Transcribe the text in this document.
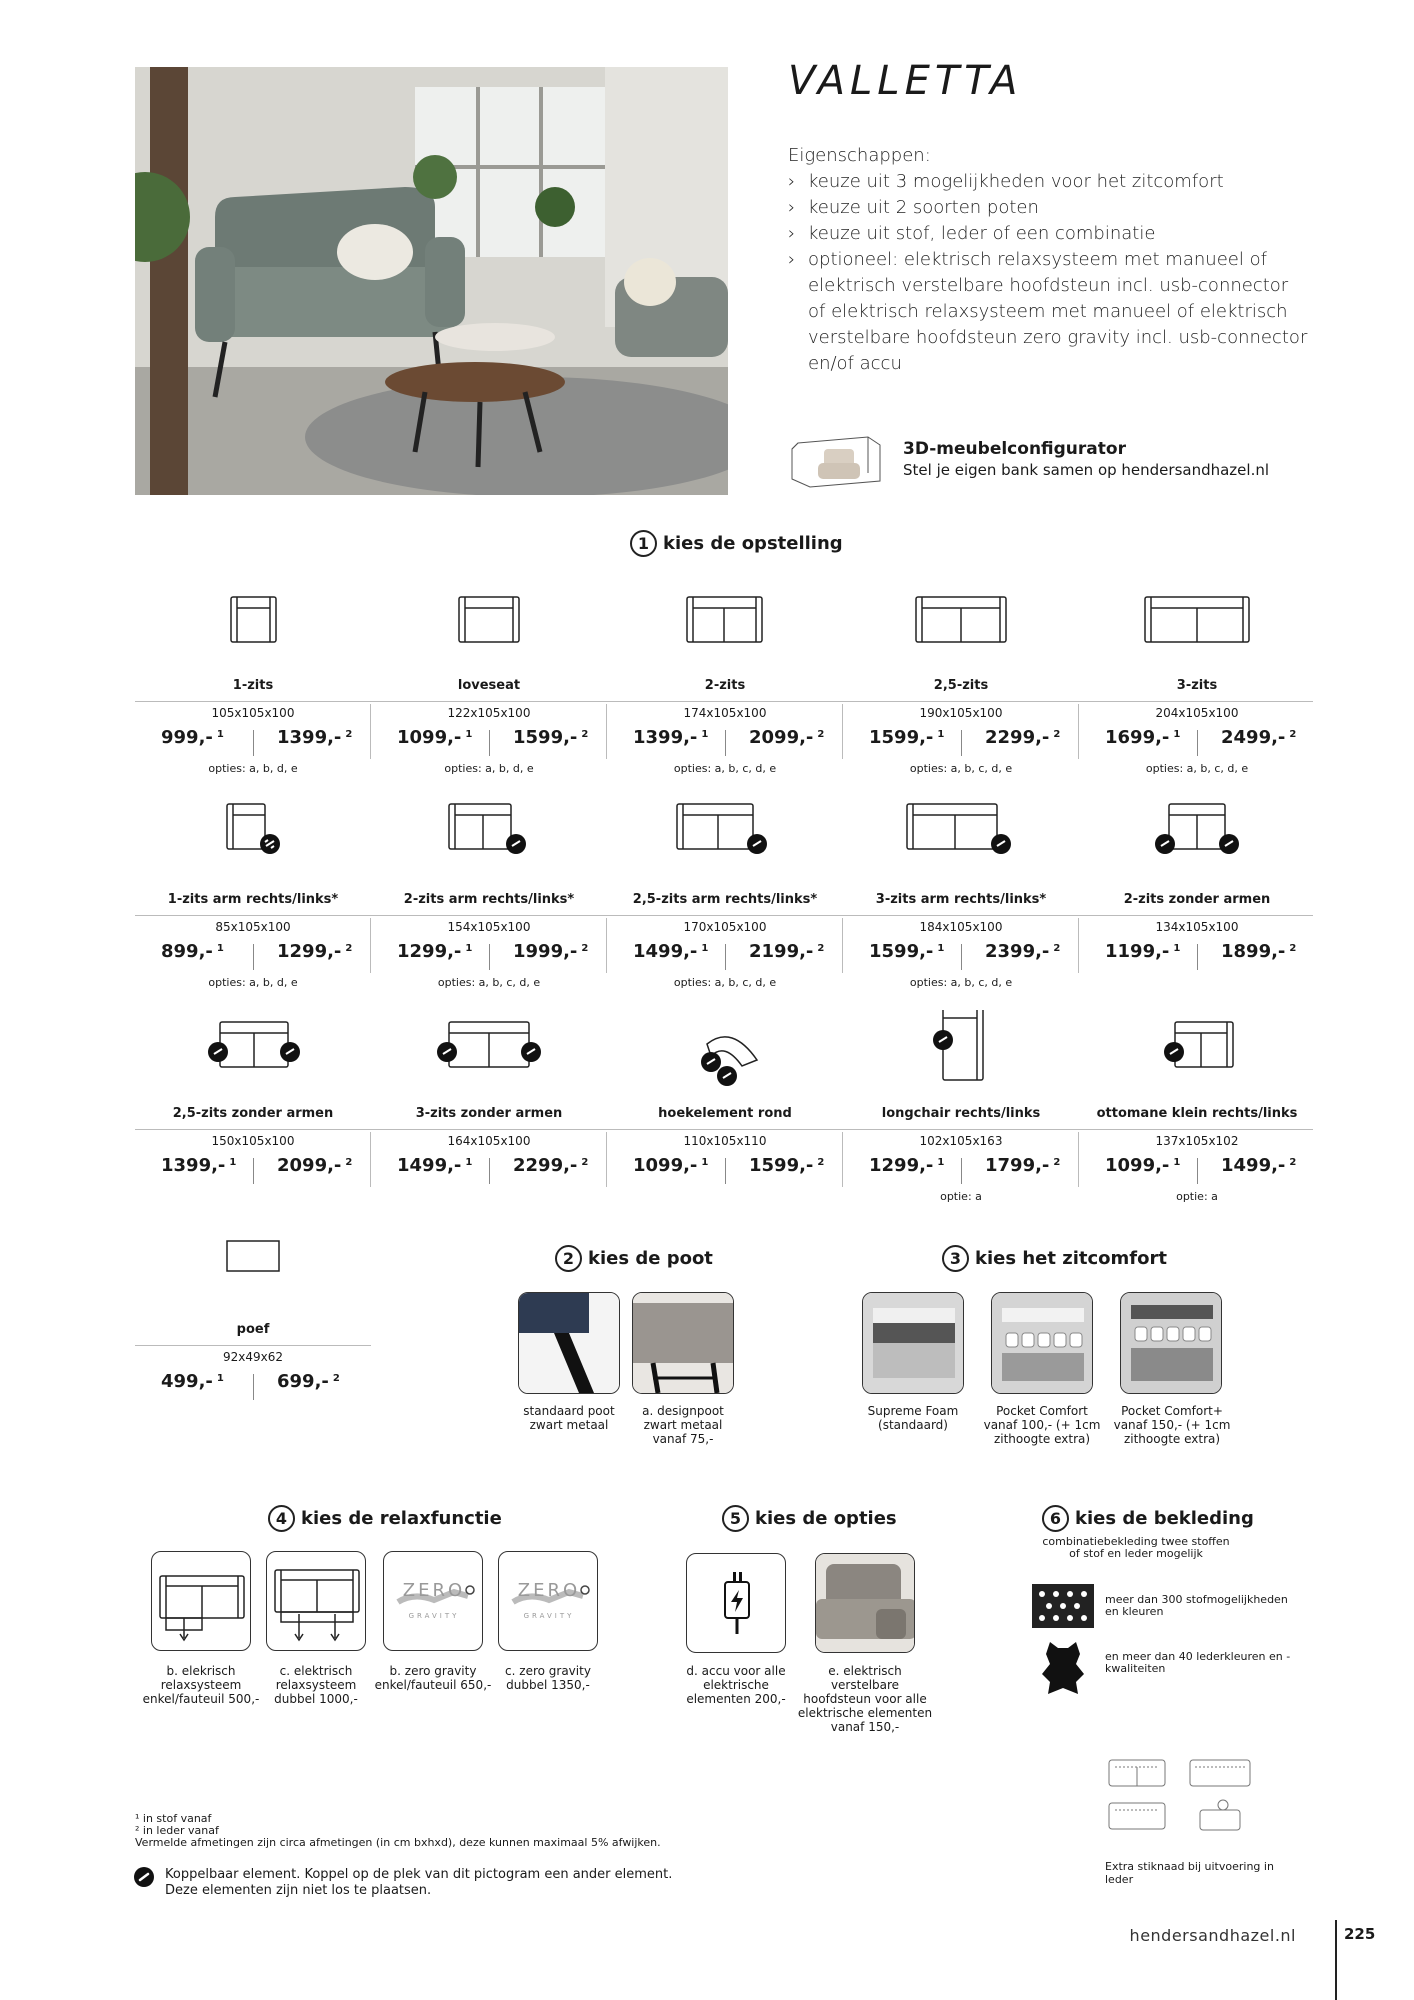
VALLETTA
Eigenschappen:
› keuze uit 3 mogelijkheden voor het zitcomfort
› keuze uit 2 soorten poten
› keuze uit stof, leder of een combinatie
› optioneel: elektrisch relaxsysteem met manueel of elektrisch verstelbare hoofdsteun incl. usb-connector of elektrisch relaxsysteem met manueel of elektrisch verstelbare hoofdsteun zero gravity incl. usb-connector en/of accu
3D-meubelconfigurator
Stel je eigen bank samen op hendersandhazel.nl
1 kies de opstelling
1-zits
105x105x100
999,- $^1$	1399,- $^2$
opties: a, b, d, e
loveseat
122x105x100
1099,- $^1$ 1599,- $^2$
opties: a, b, d, e
2-zits
174x105x100
1399,- $^1$ 2099,- $^2$
opties: a, b, c, d, e
2,5-zits
190x105x100
1599,- $^1$ 2299,- $^2$
opties: a, b, c, d, e
3-zits
204x105x100
1699,- $^1$ 2499,- $^2$
opties: a, b, c, d, e
1-zits arm rechts/links*
85x105x100
899,- $^1$	1299,- $^2$
opties: a, b, d, e
2-zits arm rechts/links*
154x105x100
1299,- $^1$ 1999,- $^2$
opties: a, b, c, d, e
2,5-zits arm rechts/links*
170x105x100
1499,- $^1$ 2199,- $^2$
opties: a, b, c, d, e
3-zits arm rechts/links*
184x105x100
1599,- $^1$ 2399,- $^2$
opties: a, b, c, d, e
2-zits zonder armen
134x105x100
1199,- $^1$ 1899,- $^2$
2,5-zits zonder armen
150x105x100
1399,- $^1$ 2099,- $^2$
3-zits zonder armen
164x105x100
1499,- $^1$ 2299,- $^2$
hoekelement rond
110x105x110
1099,- $^1$ 1599,- $^2$
longchair rechts/links
102x105x163
1299,- $^1$ 1799,- $^2$
optie: a
ottomane klein rechts/links
137x105x102
1099,- $^1$ 1499,- $^2$
optie: a
poef
92x49x62
499,- $^1$	699,- $^2$
2 kies de poot
standaard poot zwart metaal
a. designpoot zwart metaal vanaf 75,-
3 kies het zitcomfort
Supreme Foam (standaard)
Pocket Comfort vanaf 100,- (+ 1cm zithoogte extra)
Pocket Comfort+ vanaf 150,- (+ 1cm zithoogte extra)
4 kies de relaxfunctie
ZERO
GRAVITY
ZERO
GRAVITY
b. elekrisch relaxsysteem enkel/fauteuil 500,-
c. elektrisch relaxsysteem dubbel 1000,-
b. zero gravity enkel/fauteuil 650,-
c. zero gravity dubbel 1350,-
5 kies de opties
d. accu voor alle elektrische elementen 200,-
e. elektrisch verstelbare hoofdsteun voor alle elektrische elementen vanaf 150,-
6 kies de bekleding
combinatiebekleding twee stoffen of stof en leder mogelijk
meer dan 300 stofmogelijkheden en kleuren
en meer dan 40 lederkleuren en -kwaliteiten
Extra stiknaad bij uitvoering in leder
¹ in stof vanaf
² in leder vanaf
Vermelde afmetingen zijn circa afmetingen (in cm bxhxd), deze kunnen maximaal 5% afwijken.
Koppelbaar element. Koppel op de plek van dit pictogram een ander element.
Deze elementen zijn niet los te plaatsen.
hendersandhazel.nl	225
